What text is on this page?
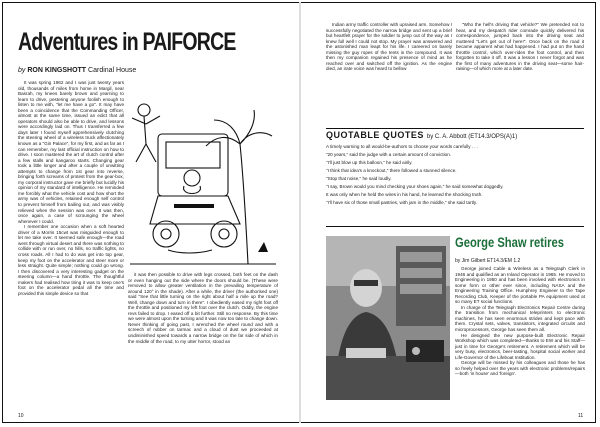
Adventures in PAIFORCE
by RON KINGSHOTT Cardinal House

It was spring 1962 and I was just twenty years old, thousands of miles from home in Margil, near Basrah, my knees barely brown and yearning to learn to drive, pestering anyone foolish enough to listen to me with, "let me have a go". It may have been a coincidence that the Commanding Officer, almost at the same time, issued an edict that all operators should also be able to drive, and lessons were accordingly laid on. Thus I transferred a few days later I found myself apprehensively clutching the steering wheel of a wireless truck affectionately known as a "Gin Palace", for my first, and as far as I can remember, my last official instruction on how to drive. I soon mastered the art of clutch control after a few stalls and kangaroo starts. Changing gear took a little longer and after a couple of unwitting attempts to change from 1st gear into reverse, bringing forth screams of protest from the gear-box, my corporal instructor gave me briefly but lucidly his opinion of my standard of intelligence. He reminded me forcibly what the vehicle cost and how short the army was of vehicles, retained enough self control to prevent himself from bailing out, and was visibly relieved when the session was over. It was then, once again, a case of scrounging the wheel whenever I could.

I remember one occasion when a soft hearted driver of a Morris 15cwt was misguided enough to let me take over. It seemed safe enough—the road went through virtual desert and there was nothing to collide with or run over, no hills, no traffic lights, no cross roads. All I had to do was get into top gear, keep my foot on the accelerator and steer more or less straight. Quite simple; nothing could go wrong. I then discovered a very interesting gadget on the steering column—a hand throttle. The thoughtful makers had realised how tiring it was to keep one's foot on the accelerator pedal all the time and provided this simple device so that

it was then possible to drive with legs crossed, both feet on the dash or even hanging out the side where the doors should be. (These were removed to allow greater ventilation in the prevailing temperature of around 120° in the shade). After a while, the driver (the authorised one) said "See that little turning on the right about half a mile up the road? Well, change down and turn in there". I obediently eased my right foot off the throttle and positioned my left foot over the clutch. Oddly, the engine revs failed to drop. I eased off a bit further. Still no response. By this time we were almost upon the turning and it was now too late to change down. Never thinking of going past, I wrenched the wheel round and with a screech of rubber on tarmac and a cloud of dust we proceeded at undiminished speed towards a narrow bridge on the far side of which in the middle of the road, to my utter horror, stood an

10

Indian army traffic controller with upraised arm. Somehow I successfully negotiated the narrow bridge and sent up a brief but heartfelt prayer for the soldier to jump out of the way as I knew full well I could not stop. My prayer was answered and the astonished man leapt for his life. I careered on barely missing the guy ropes of the tents in the compound. It was then my companion regained his presence of mind as he reached over and switched off the ignition. As the engine died, an irate voice was heard to bellow

"Who the hell's driving that vehicle?" We pretended not to hear, and my despatch rider comrade quickly delivered his correspondence, jumped back into the driving seat and muttered "Let's get out of here!". Once back on the road it became apparent what had happened. I had put on the hand throttle control, which over-rides the foot control, and then forgotten to take it off. It was a lesson I never forgot and was the first of many adventures in the driving seat—some hair-raising—of which more at a later date.

QUOTABLE QUOTES by C. A. Abbott (ET14.3/OPS(A)1)
A timely warning to all would-be-authors to choose your words carefully . . .
"20 years," said the judge with a certain amount of conviction.
"I'll just blow up this balloon," he said airily.
"I think that idea's a knockout," there followed a stunned silence.
"Stop that noise," he said loudly.
"I say, Brown would you mind checking your shoes again," he said somewhat doggedly.
It was only when he held the wires in his hand, he learned the shocking truth.
"I'll have six of those small pastries, with jam in the middle," she said tartly.
George Shaw retires
by Jim Gilbert ET14.3/EM 1.2

George joined Cable & Wireless as a Telegraph Clerk in 1946 and qualified as an Inland Operator in 1965. He moved to Engineering in 1950 and has been involved with electronics in some form or other ever since, including NASA and the Engineering Training Office. Humphrey Engineer to the Tape Recording Club, Keeper of the portable PA equipment used at so many ET social functions.

In charge of the Telegraph Electronics Repair Centre during the transition from mechanical teleprinters to electronic machines, he has seen enormous strides and kept pace with them. Crystal sets, valves, transistors, integrated circuits and microprocessors, George has seen them all.

He designed the new purpose-built Electronic Repair Workshop which was completed—thanks to EW and his Staff—just in time for George's retirement. A retirement which will be very busy, electronics, beer-tasting, hospital social worker and Life-Governor of the Lifeboat Institution.

George will be missed by his colleagues and those he has so freely helped over the years with electronic problems/repairs—both 'in house' and 'foreign'.

11
